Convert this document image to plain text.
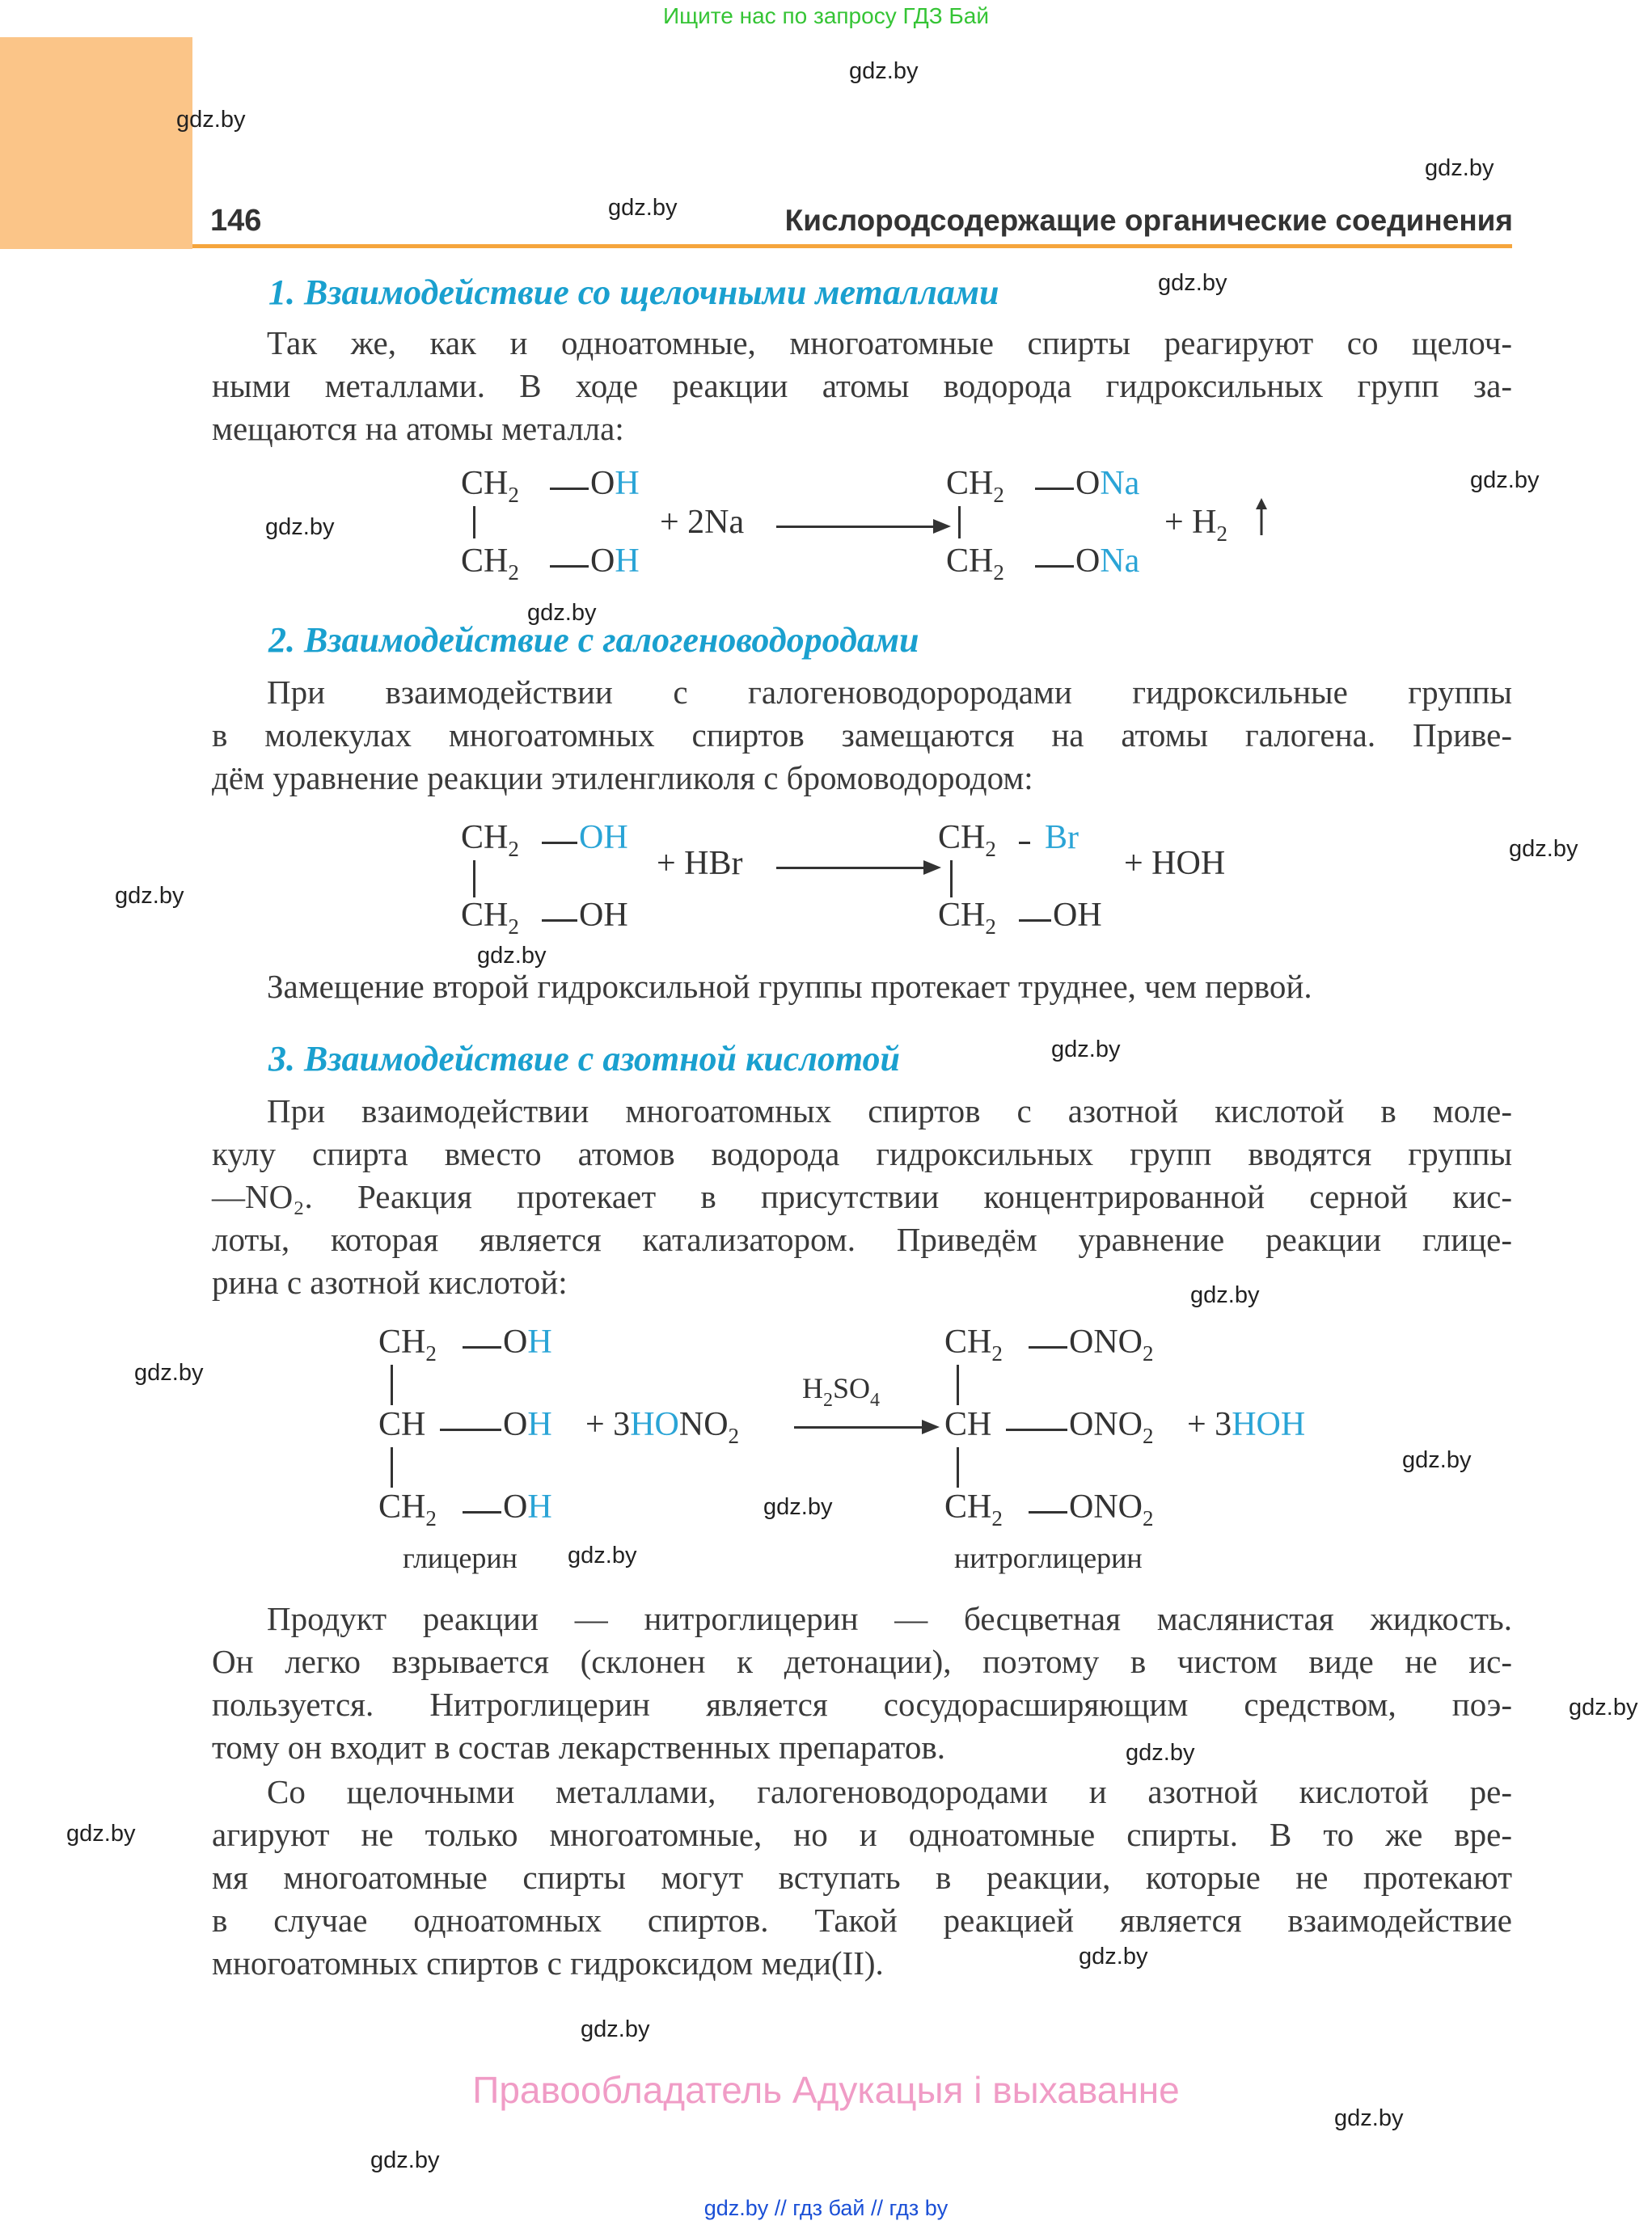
Ищите нас по запросу ГДЗ Бай
146	Кислородсодержащие органические соединения
gdz.by
gdz.by
gdz.by
gdz.by
gdz.by
gdz.by
gdz.by
gdz.by
gdz.by
gdz.by
gdz.by
gdz.by
gdz.by
gdz.by
gdz.by
gdz.by
gdz.by
gdz.by
gdz.by
gdz.by
gdz.by
gdz.by
gdz.by
gdz.by
1. Взаимодействие со щелочными металлами
Так же, как и одноатомные, многоатомные спирты реагируют со щелоч-
ными металлами. В ходе реакции атомы водорода гидроксильных групп за-
мещаются на атомы металла:
$CH_2$ OH
$CH_2$ OH
+ 2Na
$CH_2$ ONa
$CH_2$ ONa
+ $H_2$
2. Взаимодействие с галогеноводородами
При взаимодействии с галогеноводорородами гидроксильные группы
в молекулах многоатомных спиртов замещаются на атомы галогена. Приве-
дём уравнение реакции этиленгликоля с бромоводородом:
$CH_2$ OH
$CH_2$ OH
+ HBr
$CH_2$ Br
$CH_2$ OH
+ HOH
Замещение второй гидроксильной группы протекает труднее, чем первой.
3. Взаимодействие с азотной кислотой
При взаимодействии многоатомных спиртов с азотной кислотой в моле-
кулу спирта вместо атомов водорода гидроксильных групп вводятся группы
—NO₂. Реакция протекает в присутствии концентрированной серной кис-
лоты, которая является катализатором. Приведём уравнение реакции глице-
рина с азотной кислотой:
$CH_2$ OH
CH OH
$CH_2$ OH
глицерин
+ $3HONO_2$
$H_2SO_4$
$CH_2$ $ONO_2$
CH $ONO_2$
$CH_2$ $ONO_2$
нитроглицерин
+ 3HOH
Продукт реакции — нитроглицерин — бесцветная маслянистая жидкость.
Он легко взрывается (склонен к детонации), поэтому в чистом виде не ис-
пользуется. Нитроглицерин является сосудорасширяющим средством, поэ-
тому он входит в состав лекарственных препаратов.
Со щелочными металлами, галогеноводородами и азотной кислотой ре-
агируют не только многоатомные, но и одноатомные спирты. В то же вре-
мя многоатомные спирты могут вступать в реакции, которые не протекают
в случае одноатомных спиртов. Такой реакцией является взаимодействие
многоатомных спиртов с гидроксидом меди(II).
Правообладатель Адукацыя і выхаванне
gdz.by // гдз бай // гдз by
